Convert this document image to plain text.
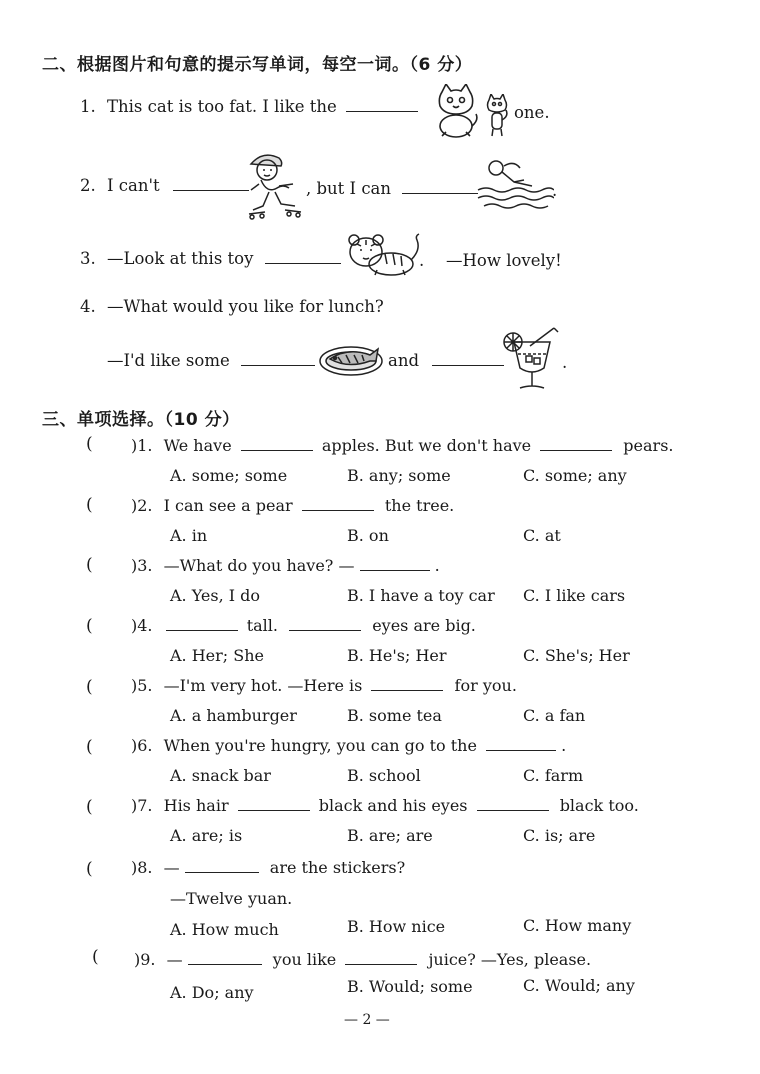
二、根据图片和句意的提示写单词，每空一词。（6 分）
1. This cat is too fat. I like the	one.
2. I can't	, but I can	.
3. —Look at this toy	. —How lovely!
4. —What would you like for lunch?
—I'd like some	and	.
三、单项选择。（10 分）
( )1. We have	apples. But we don't have	pears.
A. some; some	B. any; some	C. some; any
( )2. I can see a pear	the tree.
A. in	B. on	C. at
( )3. —What do you have? —	.
A. Yes, I do	B. I have a toy car C. I like cars
( )4.	tall.	eyes are big.
A. Her; She	B. He's; Her	C. She's; Her
( )5. —I'm very hot. —Here is	for you.
A. a hamburger	B. some tea	C. a fan
( )6. When you're hungry, you can go to the	.
A. snack bar	B. school	C. farm
( )7. His hair	black and his eyes	black too.
A. are; is	B. are; are	C. is; are
( )8. —	are the stickers?
—Twelve yuan.
A. How much	B. How nice	C. How many
( )9. —	you like	juice? —Yes, please.
A. Do; any	B. Would; some	C. Would; any
— 2 —
